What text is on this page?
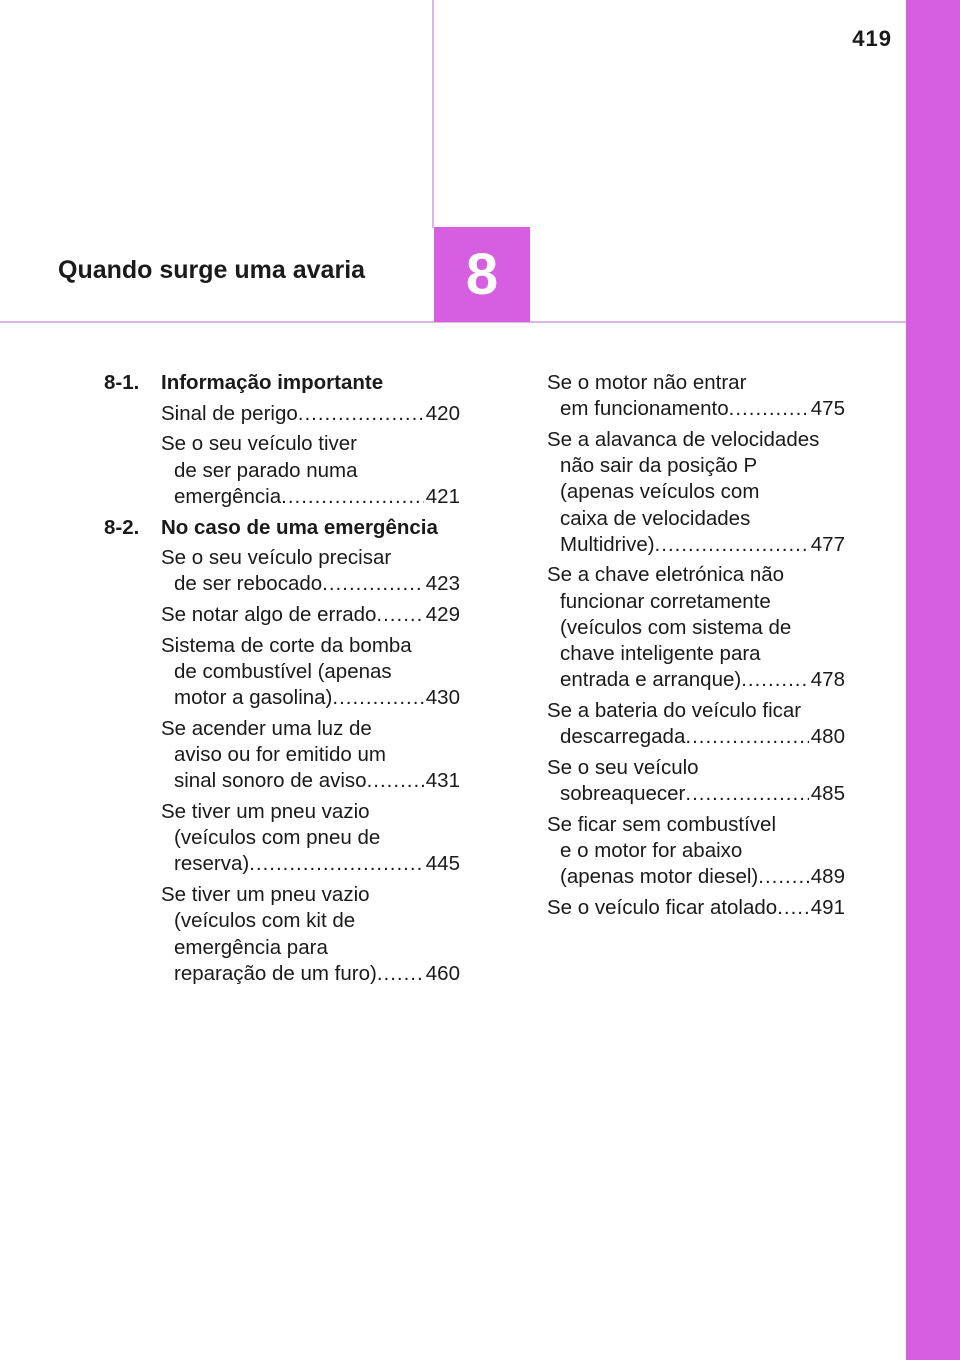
419
Quando surge uma avaria 8
8-1.	Informação importante
Sinal de perigo .....	420
Se o seu veículo tiver
de ser parado numa
emergência .....	421
8-2.	No caso de uma emergência
Se o seu veículo precisar
de ser rebocado .....	423
Se notar algo de errado ..... 429
Sistema de corte da bomba
de combustível (apenas
motor a gasolina) .....	430
Se acender uma luz de
aviso ou for emitido um
sinal sonoro de aviso .....	431
Se tiver um pneu vazio
(veículos com pneu de
reserva) .....	445
Se tiver um pneu vazio
(veículos com kit de
emergência para
reparação de um furo) ..... 460
Se o motor não entrar
em funcionamento .....	475
Se a alavanca de velocidades
não sair da posição P
(apenas veículos com
caixa de velocidades
Multidrive) .....	477
Se a chave eletrónica não
funcionar corretamente
(veículos com sistema de
chave inteligente para
entrada e arranque) .....	478
Se a bateria do veículo ficar
descarregada .....	480
Se o seu veículo
sobreaquecer .....	485
Se ficar sem combustível
e o motor for abaixo
(apenas motor diesel) .....	489
Se o veículo ficar atolado ..... 491
